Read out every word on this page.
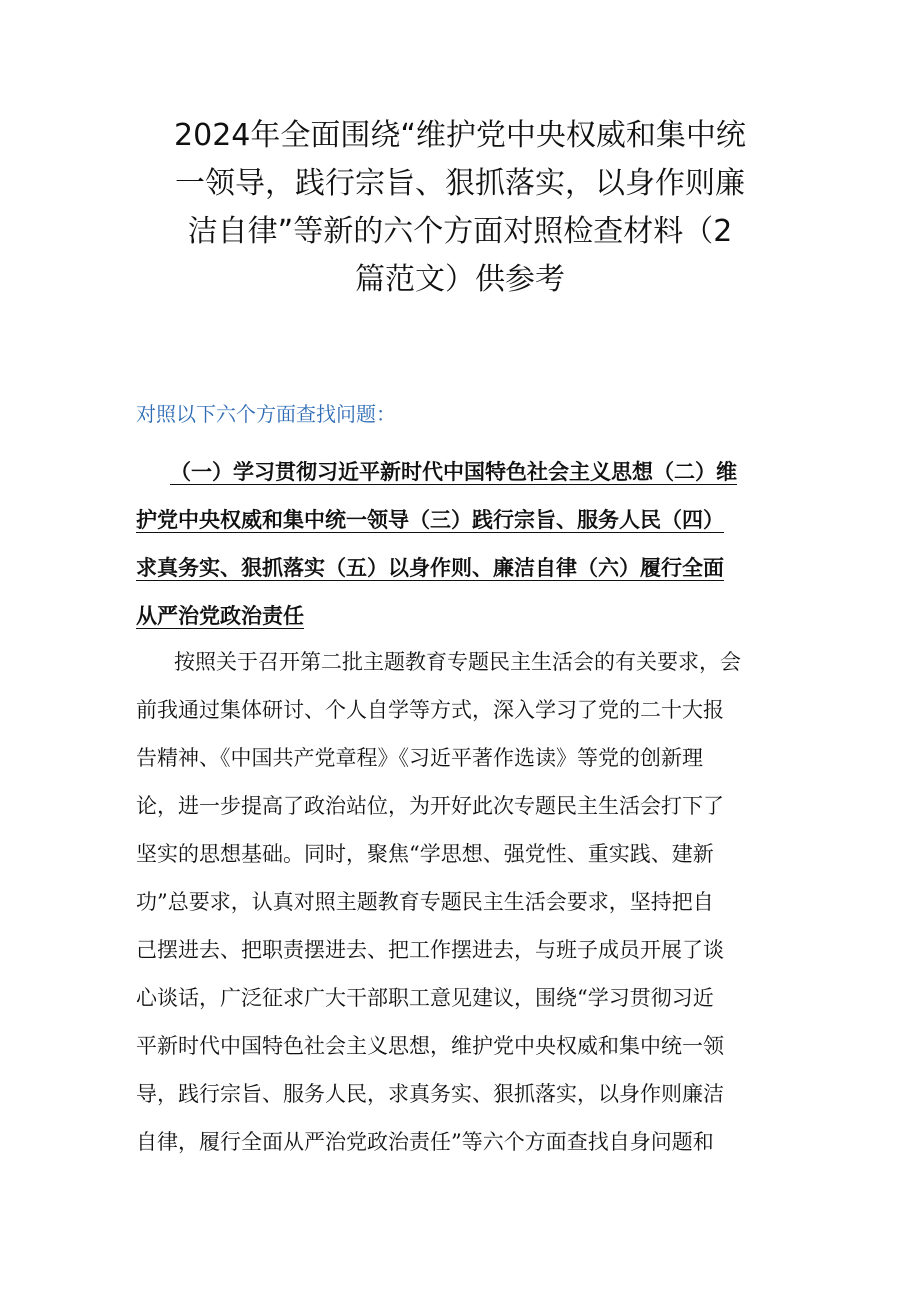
2024年全面围绕“维护党中央权威和集中统
一领导，践行宗旨、狠抓落实，以身作则廉
洁自律”等新的六个方面对照检查材料（2
篇范文）供参考

对照以下六个方面查找问题：

（一）学习贯彻习近平新时代中国特色社会主义思想（二）维
护党中央权威和集中统一领导（三）践行宗旨、服务人民（四）
求真务实、狠抓落实（五）以身作则、廉洁自律（六）履行全面
从严治党政治责任

按照关于召开第二批主题教育专题民主生活会的有关要求，会
前我通过集体研讨、个人自学等方式，深入学习了党的二十大报
告精神、《中国共产党章程》《习近平著作选读》等党的创新理
论，进一步提高了政治站位，为开好此次专题民主生活会打下了
坚实的思想基础。同时，聚焦“学思想、强党性、重实践、建新
功”总要求，认真对照主题教育专题民主生活会要求，坚持把自
己摆进去、把职责摆进去、把工作摆进去，与班子成员开展了谈
心谈话，广泛征求广大干部职工意见建议，围绕“学习贯彻习近
平新时代中国特色社会主义思想，维护党中央权威和集中统一领
导，践行宗旨、服务人民，求真务实、狠抓落实，以身作则廉洁
自律，履行全面从严治党政治责任”等六个方面查找自身问题和
